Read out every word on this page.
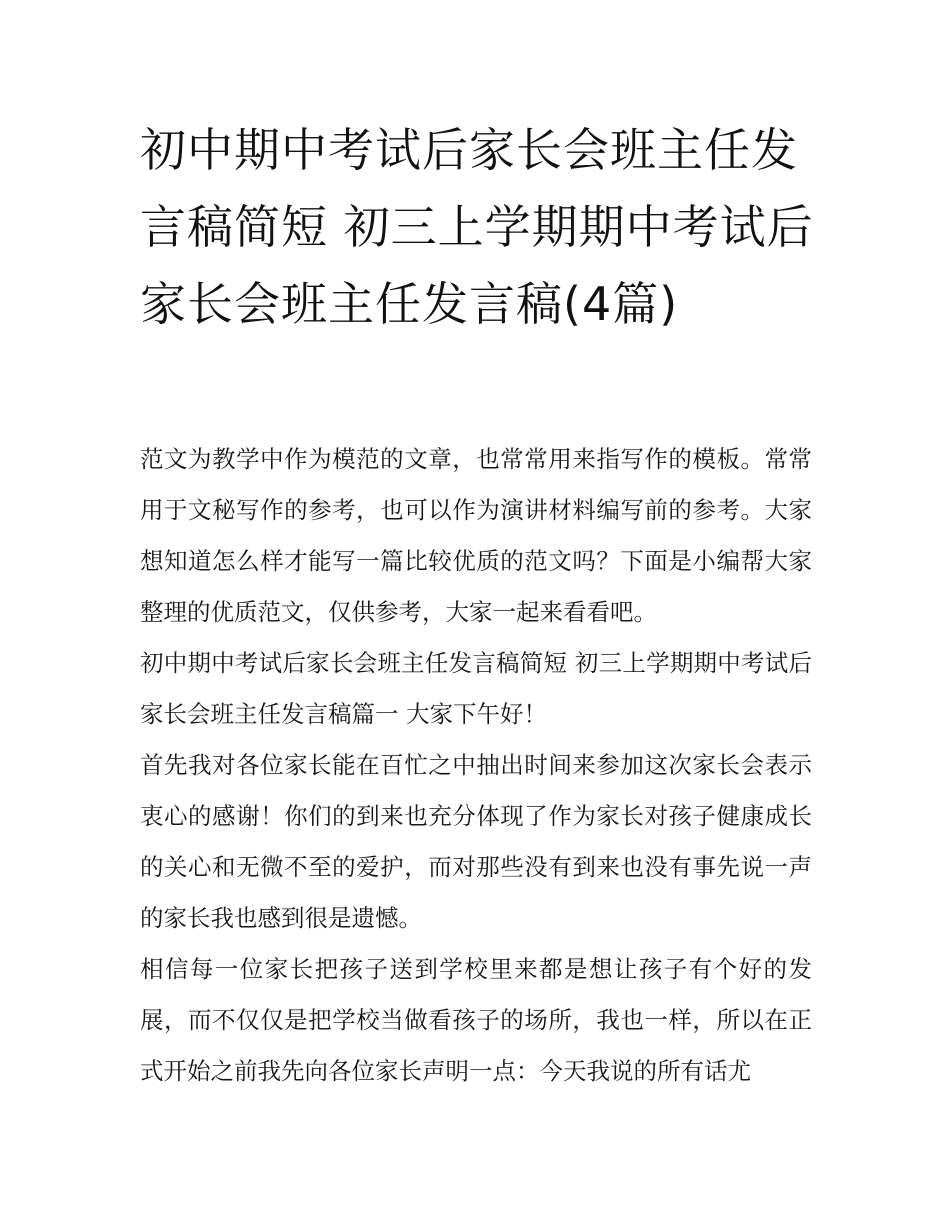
初中期中考试后家长会班主任发言稿简短 初三上学期期中考试后家长会班主任发言稿(4篇)

范文为教学中作为模范的文章，也常常用来指写作的模板。常常用于文秘写作的参考，也可以作为演讲材料编写前的参考。大家想知道怎么样才能写一篇比较优质的范文吗？下面是小编帮大家整理的优质范文，仅供参考，大家一起来看看吧。

初中期中考试后家长会班主任发言稿简短 初三上学期期中考试后家长会班主任发言稿篇一 大家下午好！

首先我对各位家长能在百忙之中抽出时间来参加这次家长会表示衷心的感谢！你们的到来也充分体现了作为家长对孩子健康成长的关心和无微不至的爱护，而对那些没有到来也没有事先说一声的家长我也感到很是遗憾。

相信每一位家长把孩子送到学校里来都是想让孩子有个好的发展，而不仅仅是把学校当做看孩子的场所，我也一样，所以在正式开始之前我先向各位家长声明一点：今天我说的所有话尤
